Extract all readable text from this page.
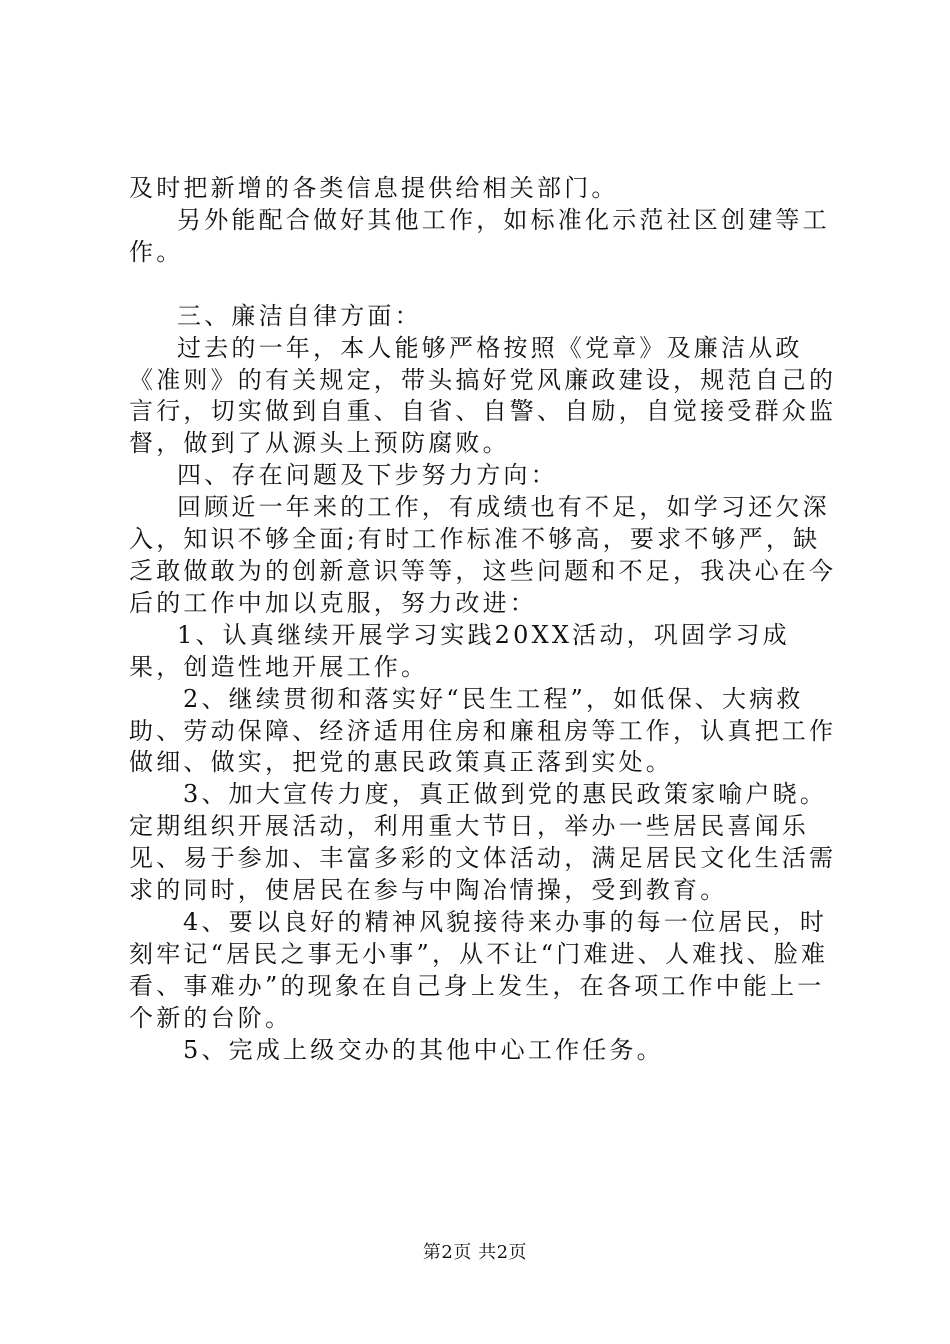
及时把新增的各类信息提供给相关部门。

另外能配合做好其他工作，如标准化示范社区创建等工作。

三、廉洁自律方面：

过去的一年，本人能够严格按照《党章》及廉洁从政《准则》的有关规定，带头搞好党风廉政建设，规范自己的言行，切实做到自重、自省、自警、自励，自觉接受群众监督，做到了从源头上预防腐败。

四、存在问题及下步努力方向：

回顾近一年来的工作，有成绩也有不足，如学习还欠深入，知识不够全面;有时工作标准不够高，要求不够严，缺乏敢做敢为的创新意识等等，这些问题和不足，我决心在今后的工作中加以克服，努力改进：

1、认真继续开展学习实践20XX活动，巩固学习成果，创造性地开展工作。

2、继续贯彻和落实好“民生工程”，如低保、大病救助、劳动保障、经济适用住房和廉租房等工作，认真把工作做细、做实，把党的惠民政策真正落到实处。

3、加大宣传力度，真正做到党的惠民政策家喻户晓。定期组织开展活动，利用重大节日，举办一些居民喜闻乐见、易于参加、丰富多彩的文体活动，满足居民文化生活需求的同时，使居民在参与中陶冶情操，受到教育。

4、要以良好的精神风貌接待来办事的每一位居民，时刻牢记“居民之事无小事”，从不让“门难进、人难找、脸难看、事难办”的现象在自己身上发生，在各项工作中能上一个新的台阶。

5、完成上级交办的其他中心工作任务。

第2页 共2页
